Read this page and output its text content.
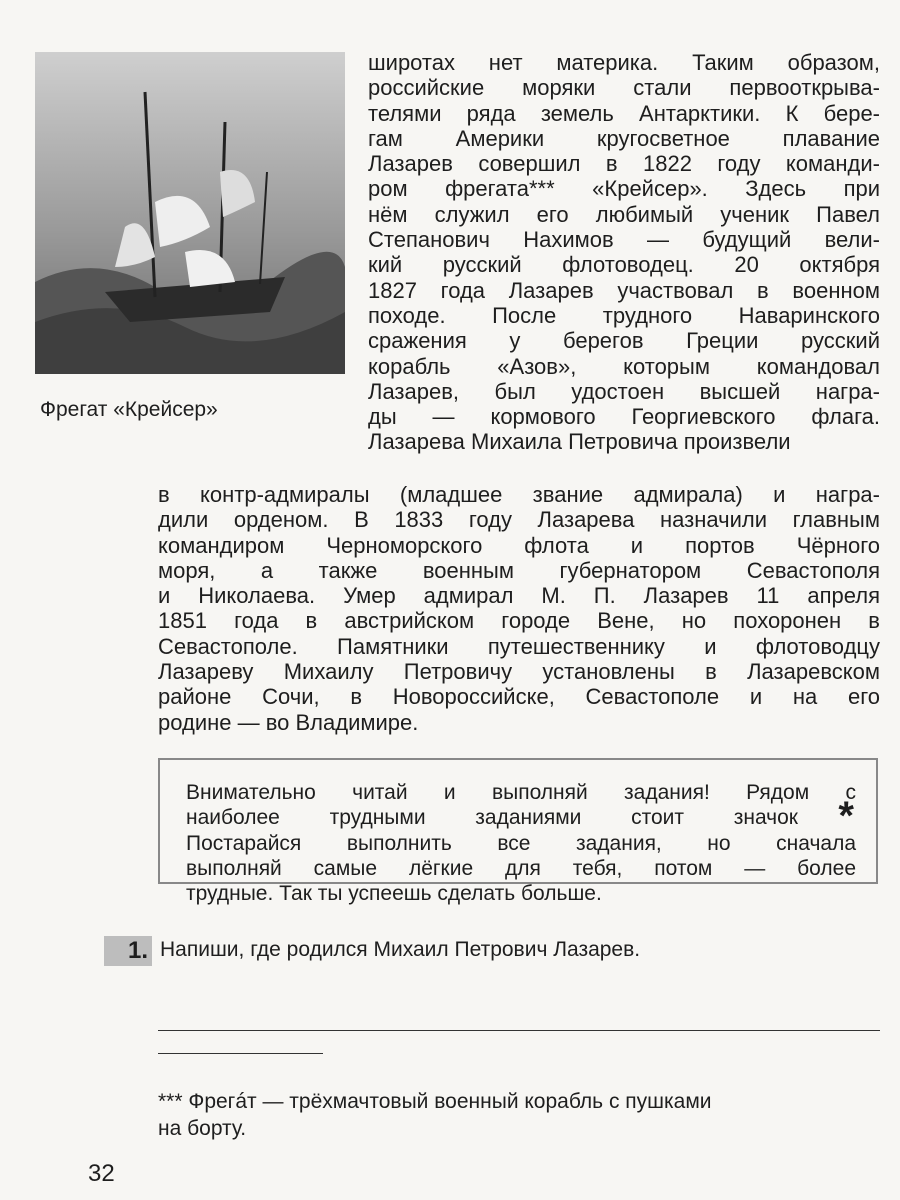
Фрегат «Крейсер»
широтах нет материка. Таким образом,
российские моряки стали первооткрыва-
телями ряда земель Антарктики. К бере-
гам Америки кругосветное плавание
Лазарев совершил в 1822 году команди-
ром фрегата*** «Крейсер». Здесь при
нём служил его любимый ученик Павел
Степанович Нахимов — будущий вели-
кий русский флотоводец. 20 октября
1827 года Лазарев участвовал в военном
походе. После трудного Наваринского
сражения у берегов Греции русский
корабль «Азов», которым командовал
Лазарев, был удостоен высшей награ-
ды — кормового Георгиевского флага.
Лазарева Михаила Петровича произвели
в контр-адмиралы (младшее звание адмирала) и награ-
дили орденом. В 1833 году Лазарева назначили главным
командиром Черноморского флота и портов Чёрного
моря, а также военным губернатором Севастополя
и Николаева. Умер адмирал М. П. Лазарев 11 апреля
1851 года в австрийском городе Вене, но похоронен в
Севастополе. Памятники путешественнику и флотоводцу
Лазареву Михаилу Петровичу установлены в Лазаревском
районе Сочи, в Новороссийске, Севастополе и на его
родине — во Владимире.
Внимательно читай и выполняй задания! Рядом с
наиболее трудными заданиями стоит значок
Постарайся выполнить все задания, но сначала
выполняй самые лёгкие для тебя, потом — более
трудные. Так ты успеешь сделать больше.
*
1. Напиши, где родился Михаил Петрович Лазарев.
*** Фрегáт — трёхмачтовый военный корабль с пушками
на борту.
32
